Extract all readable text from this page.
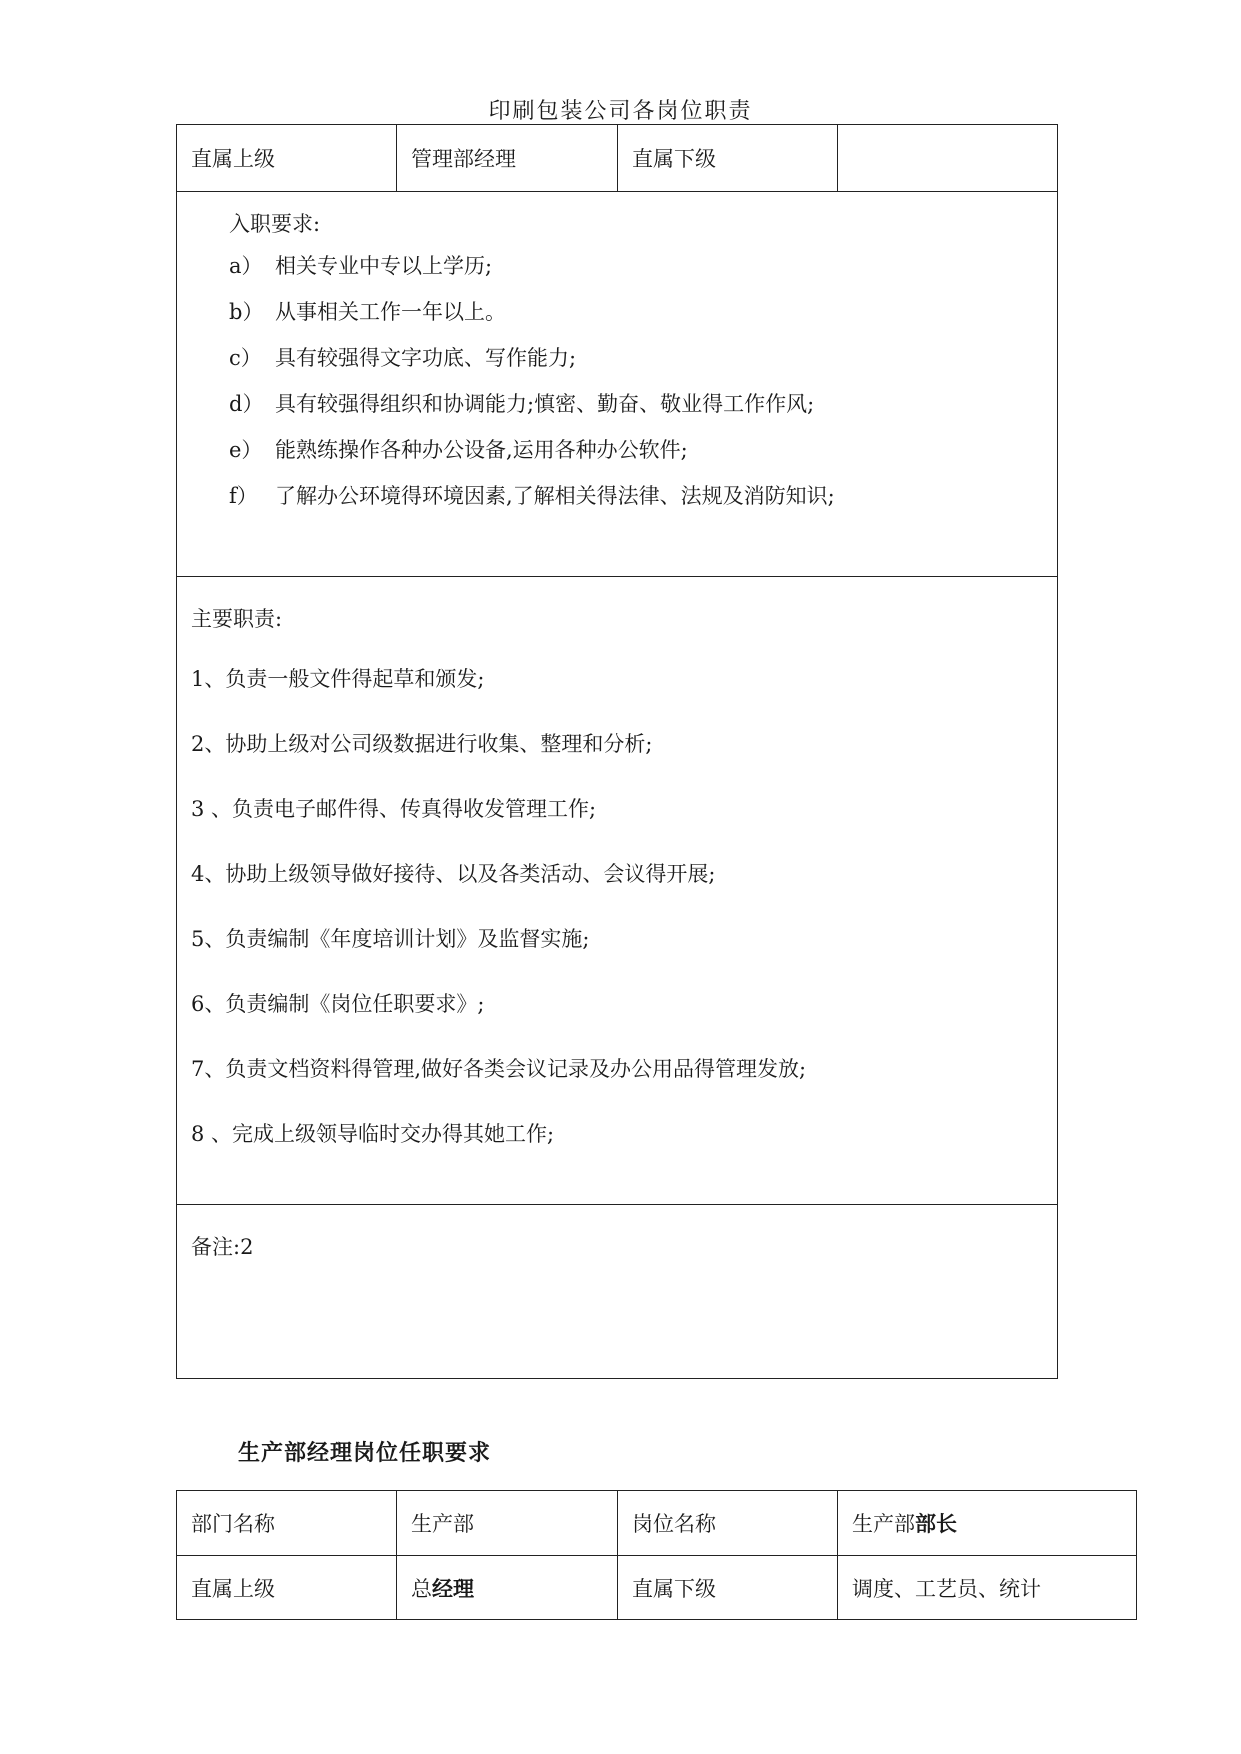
印刷包装公司各岗位职责
直属上级	管理部经理	直属下级
入职要求:
a） 相关专业中专以上学历;
b） 从事相关工作一年以上。
c） 具有较强得文字功底、写作能力;
d） 具有较强得组织和协调能力;慎密、勤奋、敬业得工作作风;
e） 能熟练操作各种办公设备,运用各种办公软件;
f） 了解办公环境得环境因素,了解相关得法律、法规及消防知识;
主要职责:
1、负责一般文件得起草和颁发;
2、协助上级对公司级数据进行收集、整理和分析;
3 、负责电子邮件得、传真得收发管理工作;
4、协助上级领导做好接待、以及各类活动、会议得开展;
5、负责编制《年度培训计划》及监督实施;
6、负责编制《岗位任职要求》;
7、负责文档资料得管理,做好各类会议记录及办公用品得管理发放;
8 、完成上级领导临时交办得其她工作;
备注:2
生产部经理岗位任职要求
部门名称	生产部	岗位名称	生产部 部长
直属上级	总 经理	直属下级	调度、工艺员、统计
